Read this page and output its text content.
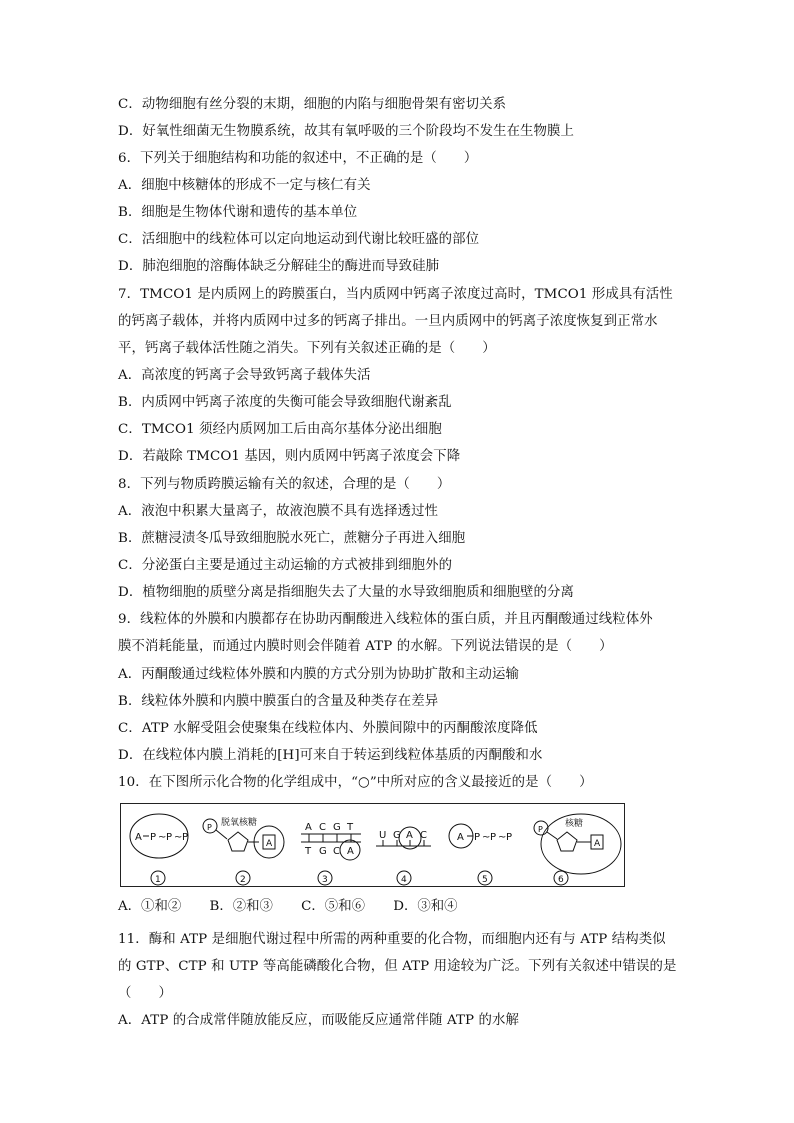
C．动物细胞有丝分裂的末期，细胞的内陷与细胞骨架有密切关系
D．好氧性细菌无生物膜系统，故其有氧呼吸的三个阶段均不发生在生物膜上
6．下列关于细胞结构和功能的叙述中，不正确的是（　　）
A．细胞中核糖体的形成不一定与核仁有关
B．细胞是生物体代谢和遗传的基本单位
C．活细胞中的线粒体可以定向地运动到代谢比较旺盛的部位
D．肺泡细胞的溶酶体缺乏分解硅尘的酶进而导致硅肺
7．TMCO1 是内质网上的跨膜蛋白，当内质网中钙离子浓度过高时，TMCO1 形成具有活性
的钙离子载体，并将内质网中过多的钙离子排出。一旦内质网中的钙离子浓度恢复到正常水
平，钙离子载体活性随之消失。下列有关叙述正确的是（　　）
A．高浓度的钙离子会导致钙离子载体失活
B．内质网中钙离子浓度的失衡可能会导致细胞代谢紊乱
C．TMCO1 须经内质网加工后由高尔基体分泌出细胞
D．若敲除 TMCO1 基因，则内质网中钙离子浓度会下降
8．下列与物质跨膜运输有关的叙述，合理的是（　　）
A．液泡中积累大量离子，故液泡膜不具有选择透过性
B．蔗糖浸渍冬瓜导致细胞脱水死亡，蔗糖分子再进入细胞
C．分泌蛋白主要是通过主动运输的方式被排到细胞外的
D．植物细胞的质壁分离是指细胞失去了大量的水导致细胞质和细胞壁的分离
9．线粒体的外膜和内膜都存在协助丙酮酸进入线粒体的蛋白质，并且丙酮酸通过线粒体外
膜不消耗能量，而通过内膜时则会伴随着 ATP 的水解。下列说法错误的是（　　）
A．丙酮酸通过线粒体外膜和内膜的方式分别为协助扩散和主动运输
B．线粒体外膜和内膜中膜蛋白的含量及种类存在差异
C．ATP 水解受阻会使聚集在线粒体内、外膜间隙中的丙酮酸浓度降低
D．在线粒体内膜上消耗的[H]可来自于转运到线粒体基质的丙酮酸和水
10．在下图所示化合物的化学组成中，“○”中所对应的含义最接近的是（　　）
A P ~ P ~ P
1
P 脱氧核糖
A
2
A C G T
T G C A
3
U G A C
4
A P ~ P ~ P
5
P
核糖
A
6
A．①和② B．②和③ C．⑤和⑥ D．③和④
11．酶和 ATP 是细胞代谢过程中所需的两种重要的化合物，而细胞内还有与 ATP 结构类似
的 GTP、CTP 和 UTP 等高能磷酸化合物，但 ATP 用途较为广泛。下列有关叙述中错误的是
（　　）
A．ATP 的合成常伴随放能反应，而吸能反应通常伴随 ATP 的水解
